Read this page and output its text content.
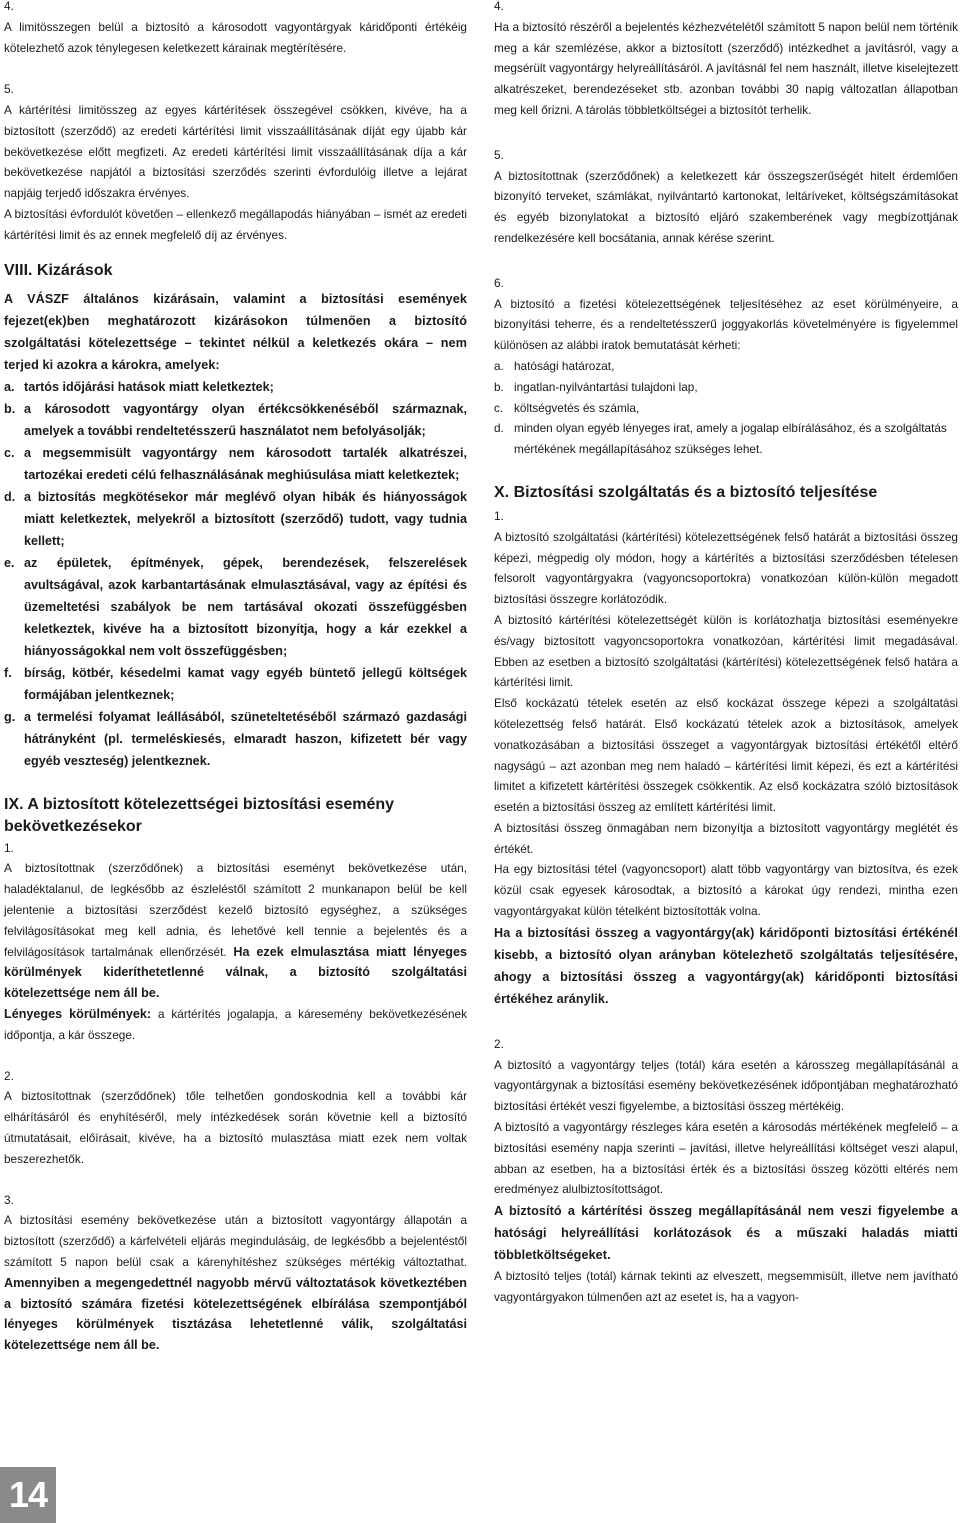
4.

A limitösszegen belül a biztosító a károsodott vagyontárgyak káridőponti értékéig kötelezhető azok ténylegesen keletkezett kárainak megtérítésére.

5.

A kártérítési limitösszeg az egyes kártérítések összegével csökken, kivéve, ha a biztosított (szerződő) az eredeti kártérítési limit visszaállításának díját egy újabb kár bekövetkezése előtt megfizeti. Az eredeti kártérítési limit visszaállításának díja a kár bekövetkezése napjától a biztosítási szerződés szerinti évfordulóig illetve a lejárat napjáig terjedő időszakra érvényes.

A biztosítási évfordulót követően – ellenkező megállapodás hiányában – ismét az eredeti kártérítési limit és az ennek megfelelő díj az érvényes.

VIII. Kizárások

A VÁSZF általános kizárásain, valamint a biztosítási események fejezet(ek)ben meghatározott kizárásokon túlmenően a biztosító szolgáltatási kötelezettsége – tekintet nélkül a keletkezés okára – nem terjed ki azokra a károkra, amelyek:

a. tartós időjárási hatások miatt keletkeztek;
b. a károsodott vagyontárgy olyan értékcsökkenéséből származnak, amelyek a további rendeltetésszerű használatot nem befolyásolják;
c. a megsemmisült vagyontárgy nem károsodott tartalék alkatrészei, tartozékai eredeti célú felhasználásának meghiúsulása miatt keletkeztek;
d. a biztosítás megkötésekor már meglévő olyan hibák és hiányosságok miatt keletkeztek, melyekről a biztosított (szerződő) tudott, vagy tudnia kellett;
e. az épületek, építmények, gépek, berendezések, felszerelések avultságával, azok karbantartásának elmulasztásával, vagy az építési és üzemeltetési szabályok be nem tartásával okozati összefüggésben keletkeztek, kivéve ha a biztosított bizonyítja, hogy a kár ezekkel a hiányosságokkal nem volt összefüggésben;
f. bírság, kötbér, késedelmi kamat vagy egyéb büntető jellegű költségek formájában jelentkeznek;
g. a termelési folyamat leállásából, szüneteltetéséből származó gazdasági hátrányként (pl. termeléskiesés, elmaradt haszon, kifizetett bér vagy egyéb veszteség) jelentkeznek.
IX. A biztosított kötelezettségei biztosítási esemény bekövetkezésekor
1.

A biztosítottnak (szerződőnek) a biztosítási eseményt bekövetkezése után, haladéktalanul, de legkésőbb az észleléstől számított 2 munkanapon belül be kell jelentenie a biztosítási szerződést kezelő biztosító egységhez, a szükséges felvilágosításokat meg kell adnia, és lehetővé kell tennie a bejelentés és a felvilágosítások tartalmának ellenőrzését. Ha ezek elmulasztása miatt lényeges körülmények kideríthetetlenné válnak, a biztosító szolgáltatási kötelezettsége nem áll be.

Lényeges körülmények: a kártérítés jogalapja, a káresemény bekövetkezésének időpontja, a kár összege.

2.

A biztosítottnak (szerződőnek) tőle telhetően gondoskodnia kell a további kár elhárításáról és enyhítéséről, mely intézkedések során követnie kell a biztosító útmutatásait, előírásait, kivéve, ha a biztosító mulasztása miatt ezek nem voltak beszerezhetők.

3.

A biztosítási esemény bekövetkezése után a biztosított vagyontárgy állapotán a biztosított (szerződő) a kárfelvételi eljárás megindulásáig, de legkésőbb a bejelentéstől számított 5 napon belül csak a kárenyhítéshez szükséges mértékig változtathat. Amennyiben a megengedettnél nagyobb mérvű változtatások következtében a biztosító számára fizetési kötelezettségének elbírálása szempontjából lényeges körülmények tisztázása lehetetlenné válik, szolgáltatási kötelezettsége nem áll be.

4.

Ha a biztosító részéről a bejelentés kézhezvételétől számított 5 napon belül nem történik meg a kár szemlézése, akkor a biztosított (szerződő) intézkedhet a javításról, vagy a megsérült vagyontárgy helyreállításáról. A javításnál fel nem használt, illetve kiselejtezett alkatrészeket, berendezéseket stb. azonban további 30 napig változatlan állapotban meg kell őrizni. A tárolás többletköltségei a biztosítót terhelik.

5.

A biztosítottnak (szerződőnek) a keletkezett kár összegszerűségét hitelt érdemlően bizonyító terveket, számlákat, nyilvántartó kartonokat, leltáríveket, költségszámításokat és egyéb bizonylatokat a biztosító eljáró szakemberének vagy megbízottjának rendelkezésére kell bocsátania, annak kérése szerint.

6.

A biztosító a fizetési kötelezettségének teljesítéséhez az eset körülményeire, a bizonyítási teherre, és a rendeltetésszerű joggyakorlás követelményére is figyelemmel különösen az alábbi iratok bemutatását kérheti:

a. hatósági határozat,
b. ingatlan-nyilvántartási tulajdoni lap,
c. költségvetés és számla,
d. minden olyan egyéb lényeges irat, amely a jogalap elbírálásához, és a szolgáltatás mértékének megállapításához szükséges lehet.
X. Biztosítási szolgáltatás és a biztosító teljesítése
1.

A biztosító szolgáltatási (kártérítési) kötelezettségének felső határát a biztosítási összeg képezi, mégpedig oly módon, hogy a kártérítés a biztosítási szerződésben tételesen felsorolt vagyontárgyakra (vagyoncsoportokra) vonatkozóan külön-külön megadott biztosítási összegre korlátozódik.

A biztosító kártérítési kötelezettségét külön is korlátozhatja biztosítási eseményekre és/vagy biztosított vagyoncsoportokra vonatkozóan, kártérítési limit megadásával. Ebben az esetben a biztosító szolgáltatási (kártérítési) kötelezettségének felső határa a kártérítési limit.

Első kockázatú tételek esetén az első kockázat összege képezi a szolgáltatási kötelezettség felső határát. Első kockázatú tételek azok a biztosítások, amelyek vonatkozásában a biztosítási összeget a vagyontárgyak biztosítási értékétől eltérő nagyságú – azt azonban meg nem haladó – kártérítési limit képezi, és ezt a kártérítési limitet a kifizetett kártérítési összegek csökkentik. Az első kockázatra szóló biztosítások esetén a biztosítási összeg az említett kártérítési limit.

A biztosítási összeg önmagában nem bizonyítja a biztosított vagyontárgy meglétét és értékét.

Ha egy biztosítási tétel (vagyoncsoport) alatt több vagyontárgy van biztosítva, és ezek közül csak egyesek károsodtak, a biztosító a károkat úgy rendezi, mintha ezen vagyontárgyakat külön tételként biztosították volna.

Ha a biztosítási összeg a vagyontárgy(ak) káridőponti biztosítási értékénél kisebb, a biztosító olyan arányban kötelezhető szolgáltatás teljesítésére, ahogy a biztosítási összeg a vagyontárgy(ak) káridőponti biztosítási értékéhez aránylik.

2.

A biztosító a vagyontárgy teljes (totál) kára esetén a károsszeg megállapításánál a vagyontárgynak a biztosítási esemény bekövetkezésének időpontjában meghatározható biztosítási értékét veszi figyelembe, a biztosítási összeg mértékéig.

A biztosító a vagyontárgy részleges kára esetén a károsodás mértékének megfelelő – a biztosítási esemény napja szerinti – javítási, illetve helyreállítási költséget veszi alapul, abban az esetben, ha a biztosítási érték és a biztosítási összeg közötti eltérés nem eredményez alulbiztosítottságot.

A biztosító a kártérítési összeg megállapításánál nem veszi figyelembe a hatósági helyreállítási korlátozások és a műszaki haladás miatti többletköltségeket.

A biztosító teljes (totál) kárnak tekinti az elveszett, megsemmisült, illetve nem javítható vagyontárgyakon túlmenően azt az esetet is, ha a vagyon-

14
